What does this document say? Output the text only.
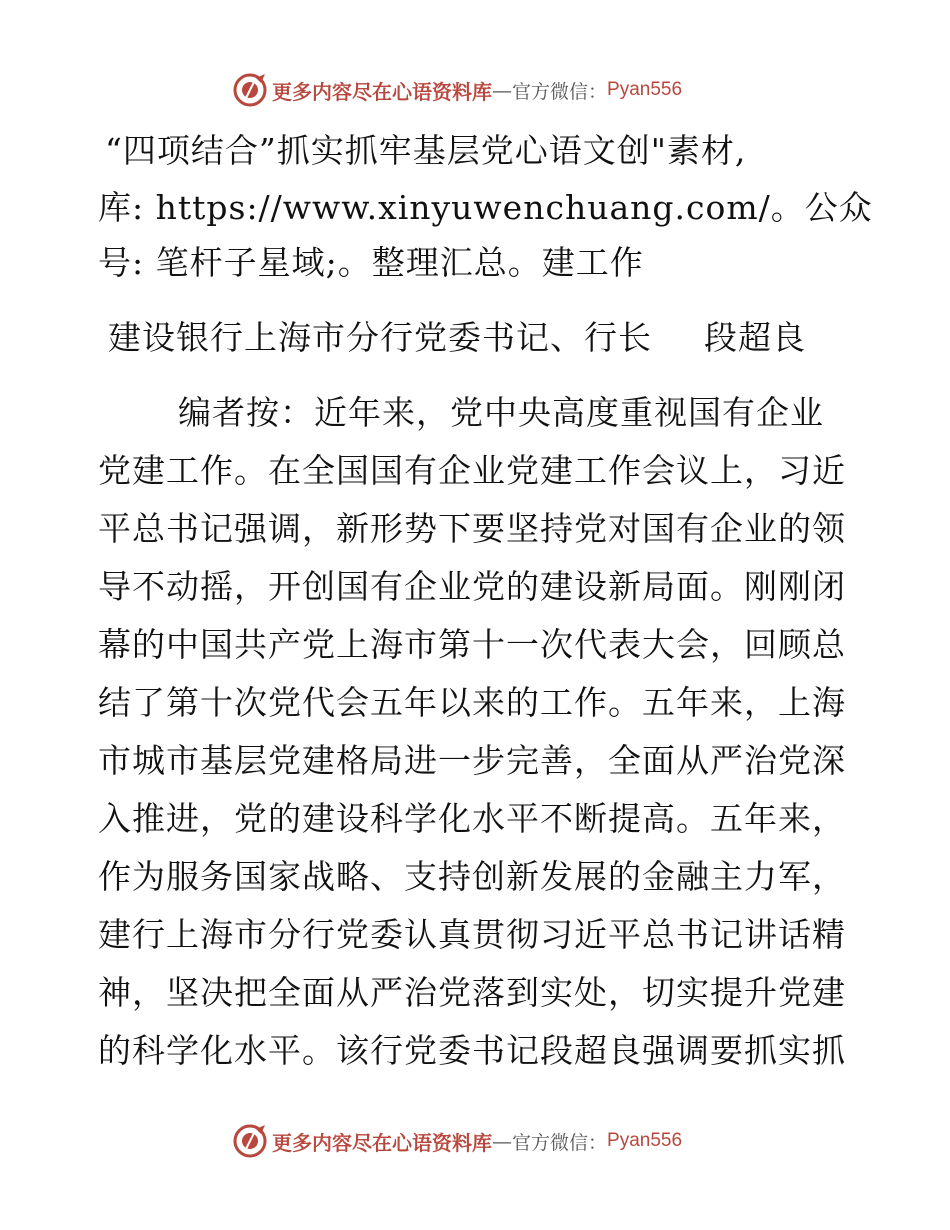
更多内容尽在心语资料库 — 官方微信： Pyan556
“四项结合”抓实抓牢基层党心语文创"素材,
库: https://www.xinyuwenchuang.com/。公众
号: 笔杆子星域;。整理汇总。建工作
建设银行上海市分行党委书记、行长 段超良
编者按：近年来，党中央高度重视国有企业
党建工作。在全国国有企业党建工作会议上，习近
平总书记强调，新形势下要坚持党对国有企业的领
导不动摇，开创国有企业党的建设新局面。刚刚闭
幕的中国共产党上海市第十一次代表大会，回顾总
结了第十次党代会五年以来的工作。五年来，上海
市城市基层党建格局进一步完善，全面从严治党深
入推进，党的建设科学化水平不断提高。五年来，
作为服务国家战略、支持创新发展的金融主力军，
建行上海市分行党委认真贯彻习近平总书记讲话精
神，坚决把全面从严治党落到实处，切实提升党建
的科学化水平。该行党委书记段超良强调要抓实抓
更多内容尽在心语资料库 — 官方微信： Pyan556
